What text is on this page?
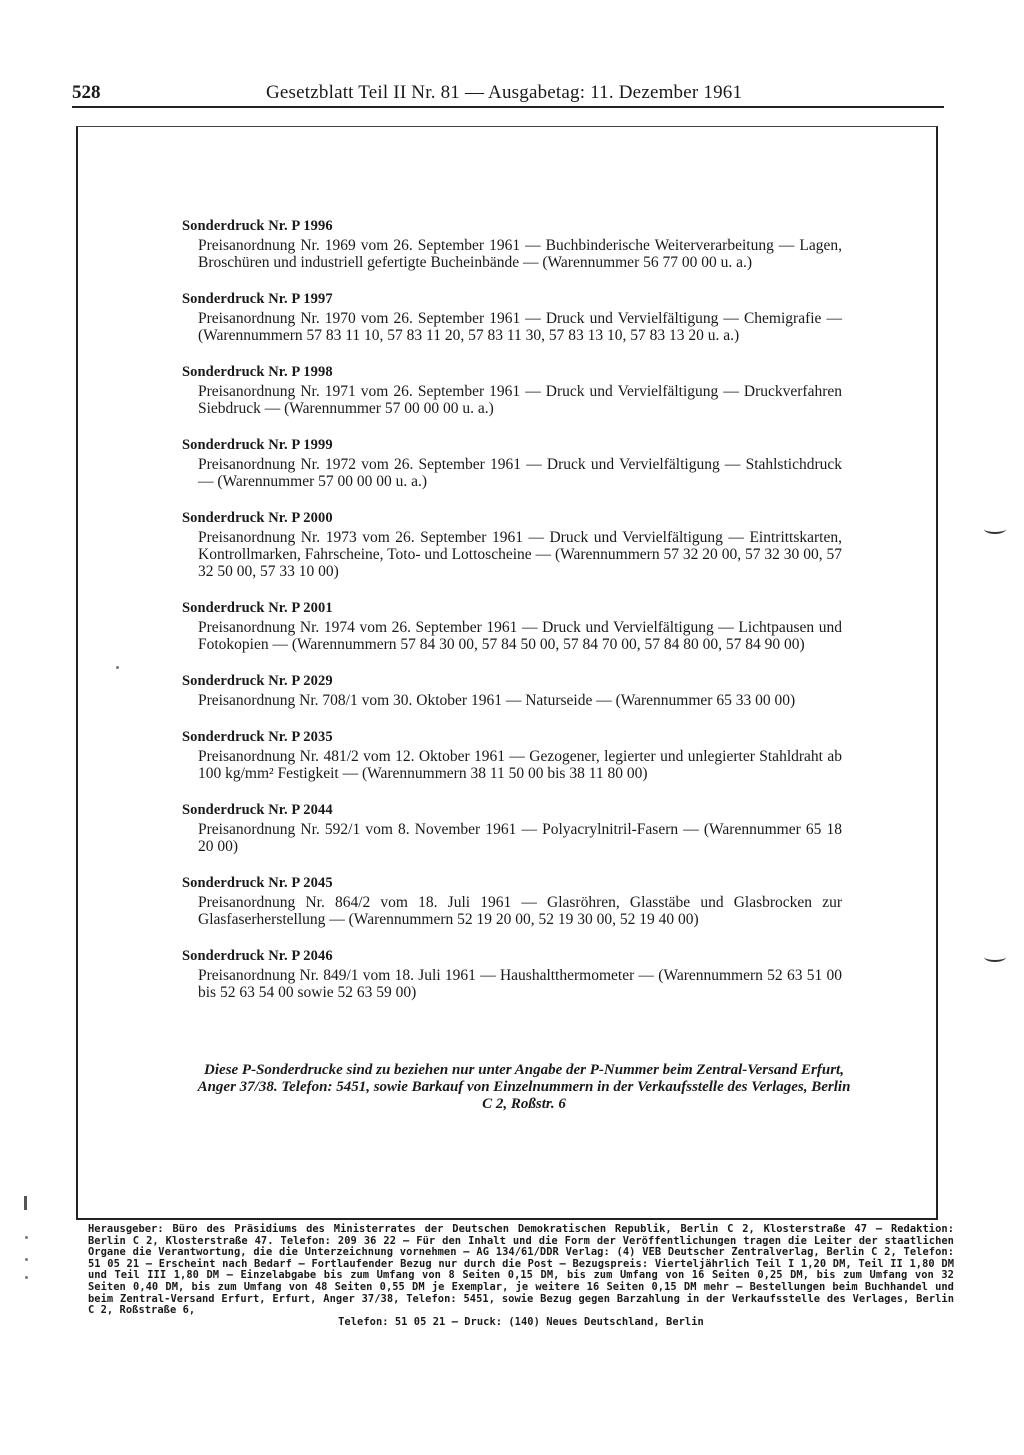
528	Gesetzblatt Teil II Nr. 81 — Ausgabetag: 11. Dezember 1961
Sonderdruck Nr. P 1996
Preisanordnung Nr. 1969 vom 26. September 1961 — Buchbinderische Weiterverarbeitung — Lagen, Broschüren und industriell gefertigte Bucheinbände — (Warennummer 56 77 00 00 u. a.)
Sonderdruck Nr. P 1997
Preisanordnung Nr. 1970 vom 26. September 1961 — Druck und Vervielfältigung — Chemigrafie — (Warennummern 57 83 11 10, 57 83 11 20, 57 83 11 30, 57 83 13 10, 57 83 13 20 u. a.)
Sonderdruck Nr. P 1998
Preisanordnung Nr. 1971 vom 26. September 1961 — Druck und Vervielfältigung — Druckverfahren Siebdruck — (Warennummer 57 00 00 00 u. a.)
Sonderdruck Nr. P 1999
Preisanordnung Nr. 1972 vom 26. September 1961 — Druck und Vervielfältigung — Stahlstichdruck — (Warennummer 57 00 00 00 u. a.)
Sonderdruck Nr. P 2000
Preisanordnung Nr. 1973 vom 26. September 1961 — Druck und Vervielfältigung — Eintrittskarten, Kontrollmarken, Fahrscheine, Toto- und Lottoscheine — (Warennummern 57 32 20 00, 57 32 30 00, 57 32 50 00, 57 33 10 00)
Sonderdruck Nr. P 2001
Preisanordnung Nr. 1974 vom 26. September 1961 — Druck und Vervielfältigung — Lichtpausen und Fotokopien — (Warennummern 57 84 30 00, 57 84 50 00, 57 84 70 00, 57 84 80 00, 57 84 90 00)
Sonderdruck Nr. P 2029
Preisanordnung Nr. 708/1 vom 30. Oktober 1961 — Naturseide — (Warennummer 65 33 00 00)
Sonderdruck Nr. P 2035
Preisanordnung Nr. 481/2 vom 12. Oktober 1961 — Gezogener, legierter und unlegierter Stahldraht ab 100 kg/mm² Festigkeit — (Warennummern 38 11 50 00 bis 38 11 80 00)
Sonderdruck Nr. P 2044
Preisanordnung Nr. 592/1 vom 8. November 1961 — Polyacrylnitril-Fasern — (Warennummer 65 18 20 00)
Sonderdruck Nr. P 2045
Preisanordnung Nr. 864/2 vom 18. Juli 1961 — Glasröhren, Glasstäbe und Glasbrocken zur Glasfaserherstellung — (Warennummern 52 19 20 00, 52 19 30 00, 52 19 40 00)
Sonderdruck Nr. P 2046
Preisanordnung Nr. 849/1 vom 18. Juli 1961 — Haushaltthermometer — (Warennummern 52 63 51 00 bis 52 63 54 00 sowie 52 63 59 00)
Diese P-Sonderdrucke sind zu beziehen nur unter Angabe der P-Nummer beim Zentral-Versand Erfurt, Anger 37/38. Telefon: 5451, sowie Barkauf von Einzelnummern in der Verkaufsstelle des Verlages, Berlin C 2, Roßstr. 6
Herausgeber: Büro des Präsidiums des Ministerrates der Deutschen Demokratischen Republik, Berlin C 2, Klosterstraße 47 — Redaktion: Berlin C 2, Klosterstraße 47. Telefon: 209 36 22 — Für den Inhalt und die Form der Veröffentlichungen tragen die Leiter der staatlichen Organe die Verantwortung, die die Unterzeichnung vornehmen — AG 134/61/DDR Verlag: (4) VEB Deutscher Zentralverlag, Berlin C 2, Telefon: 51 05 21 — Erscheint nach Bedarf — Fortlaufender Bezug nur durch die Post — Bezugspreis: Vierteljährlich Teil I 1,20 DM, Teil II 1,80 DM und Teil III 1,80 DM — Einzelabgabe bis zum Umfang von 8 Seiten 0,15 DM, bis zum Umfang von 16 Seiten 0,25 DM, bis zum Umfang von 32 Seiten 0,40 DM, bis zum Umfang von 48 Seiten 0,55 DM je Exemplar, je weitere 16 Seiten 0,15 DM mehr — Bestellungen beim Buchhandel und beim Zentral-Versand Erfurt, Erfurt, Anger 37/38, Telefon: 5451, sowie Bezug gegen Barzahlung in der Verkaufsstelle des Verlages, Berlin C 2, Roßstraße 6,
Telefon: 51 05 21 — Druck: (140) Neues Deutschland, Berlin
